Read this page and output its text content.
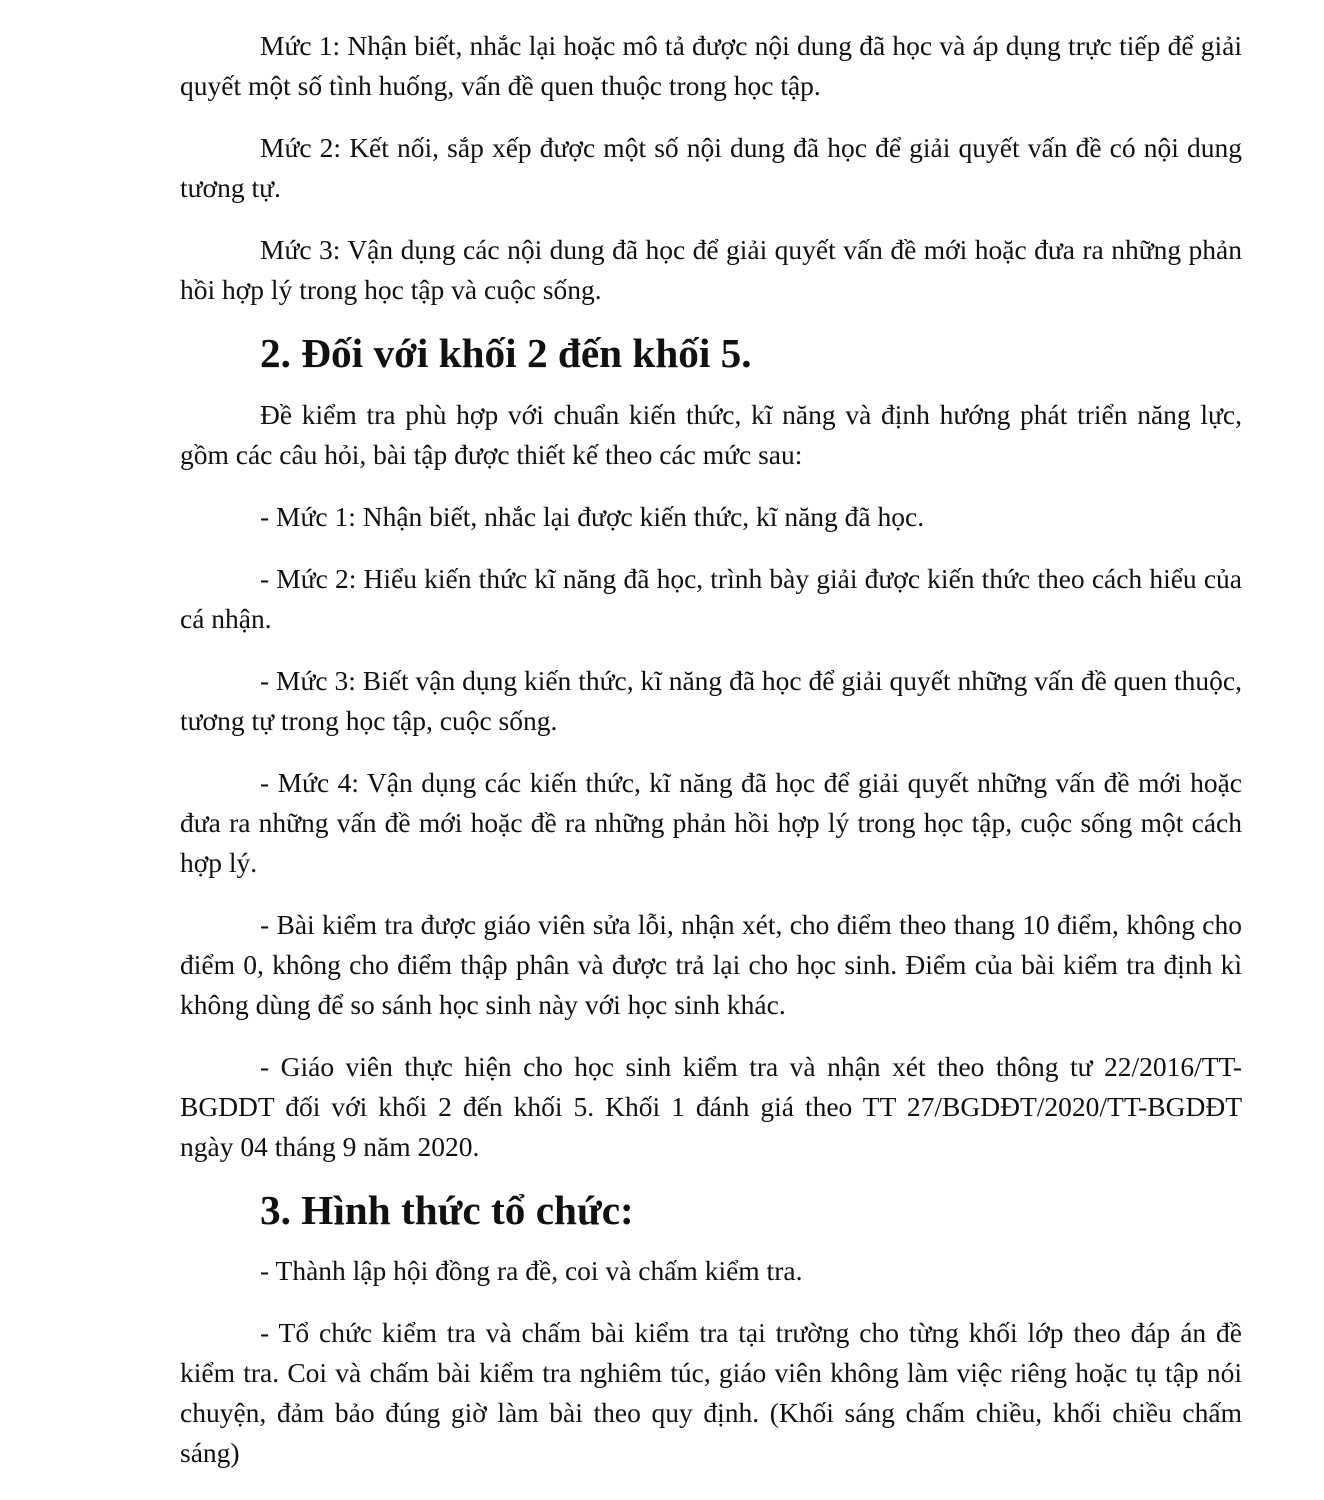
Mức 1: Nhận biết, nhắc lại hoặc mô tả được nội dung đã học và áp dụng trực tiếp để giải quyết một số tình huống, vấn đề quen thuộc trong học tập.

Mức 2: Kết nối, sắp xếp được một số nội dung đã học để giải quyết vấn đề có nội dung tương tự.

Mức 3: Vận dụng các nội dung đã học để giải quyết vấn đề mới hoặc đưa ra những phản hồi hợp lý trong học tập và cuộc sống.

2. Đối với khối 2 đến khối 5.

Đề kiểm tra phù hợp với chuẩn kiến thức, kĩ năng và định hướng phát triển năng lực, gồm các câu hỏi, bài tập được thiết kế theo các mức sau:

- Mức 1: Nhận biết, nhắc lại được kiến thức, kĩ năng đã học.

- Mức 2: Hiểu kiến thức kĩ năng đã học, trình bày giải được kiến thức theo cách hiểu của cá nhận.

- Mức 3: Biết vận dụng kiến thức, kĩ năng đã học để giải quyết những vấn đề quen thuộc, tương tự trong học tập, cuộc sống.

- Mức 4: Vận dụng các kiến thức, kĩ năng đã học để giải quyết những vấn đề mới hoặc đưa ra những vấn đề mới hoặc đề ra những phản hồi hợp lý trong học tập, cuộc sống một cách hợp lý.

- Bài kiểm tra được giáo viên sửa lỗi, nhận xét, cho điểm theo thang 10 điểm, không cho điểm 0, không cho điểm thập phân và được trả lại cho học sinh. Điểm của bài kiểm tra định kì không dùng để so sánh học sinh này với học sinh khác.

- Giáo viên thực hiện cho học sinh kiểm tra và nhận xét theo thông tư 22/2016/TT-BGDDT đối với khối 2 đến khối 5. Khối 1 đánh giá theo TT 27/BGDĐT/2020/TT-BGDĐT ngày 04 tháng 9 năm 2020.

3. Hình thức tổ chức:

- Thành lập hội đồng ra đề, coi và chấm kiểm tra.

- Tổ chức kiểm tra và chấm bài kiểm tra tại trường cho từng khối lớp theo đáp án đề kiểm tra. Coi và chấm bài kiểm tra nghiêm túc, giáo viên không làm việc riêng hoặc tụ tập nói chuyện, đảm bảo đúng giờ làm bài theo quy định. (Khối sáng chấm chiều, khối chiều chấm sáng)
